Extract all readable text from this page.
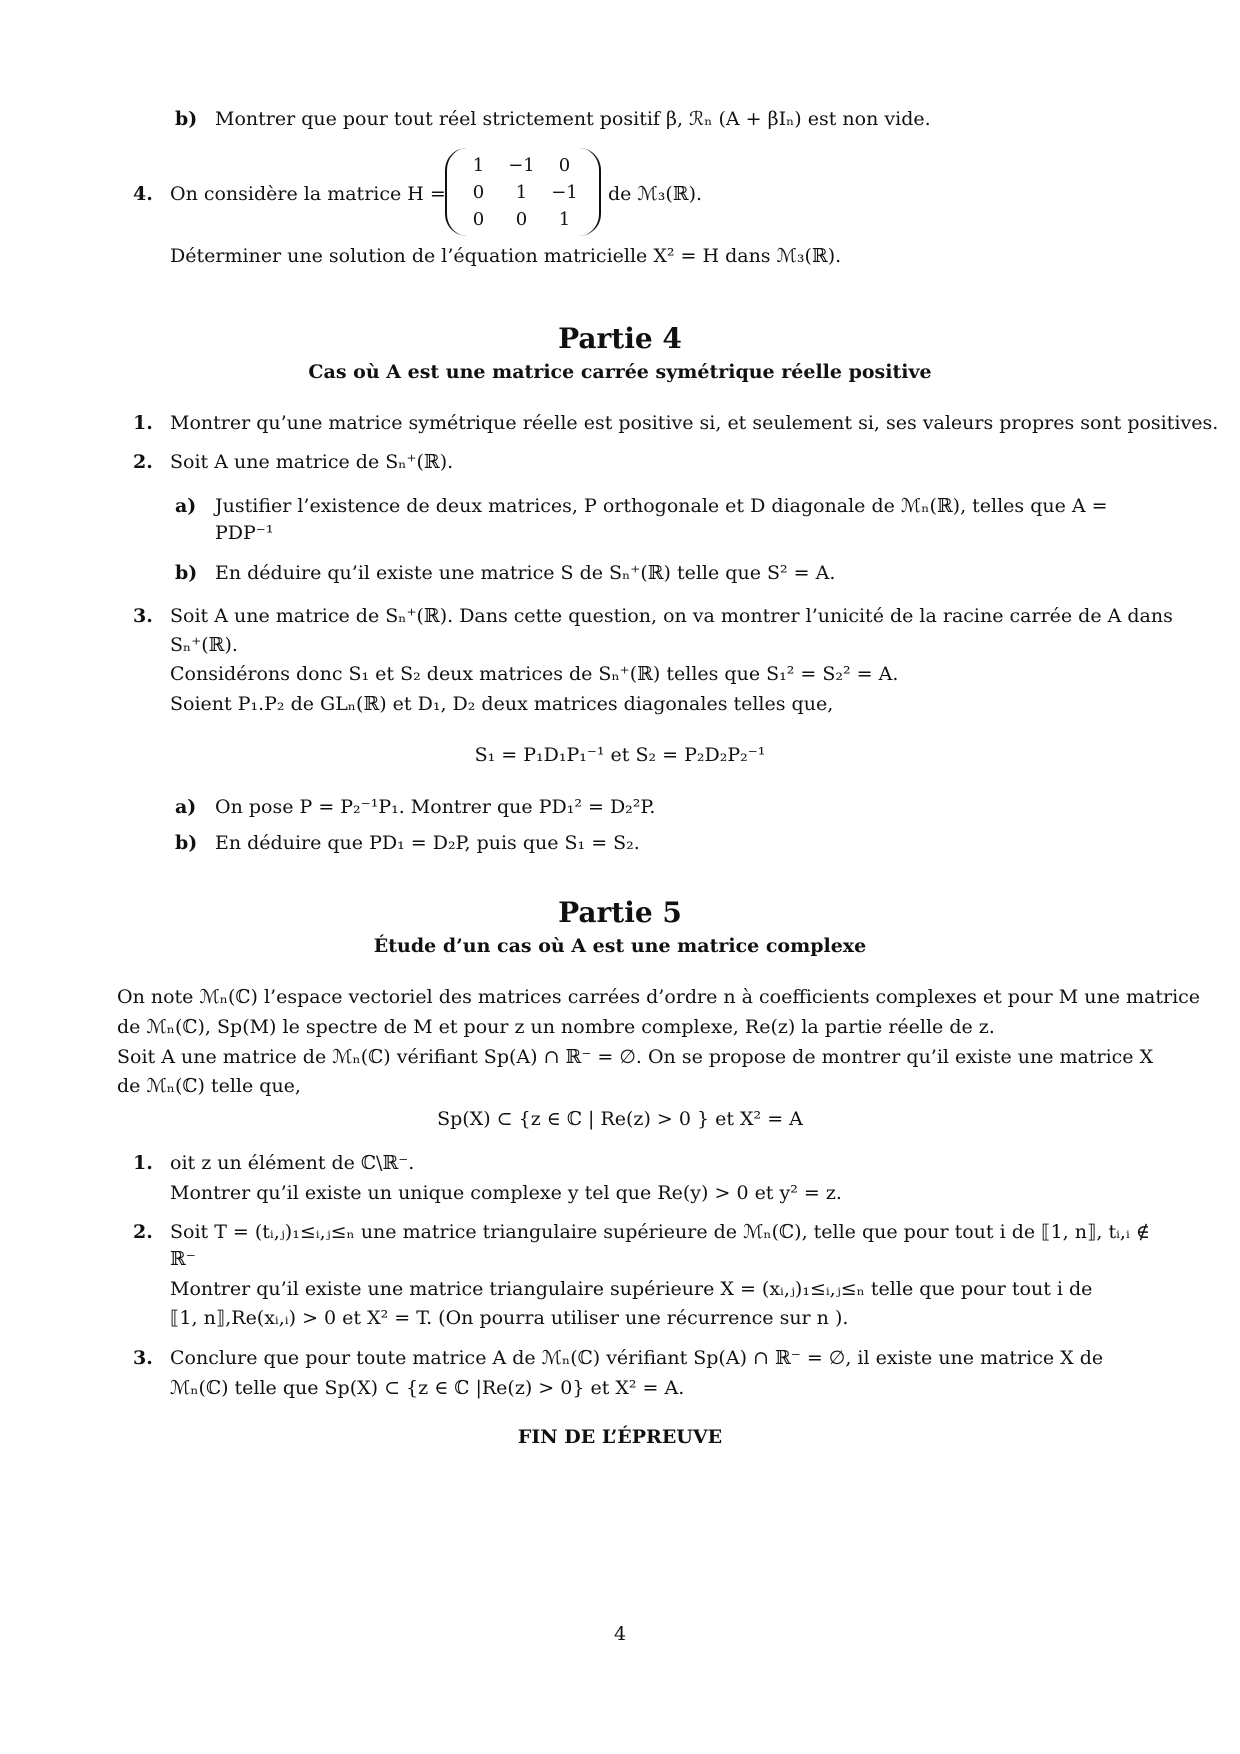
b) Montrer que pour tout réel strictement positif β, ℛₙ (A + βIₙ) est non vide.
4. On considère la matrice H =
1	−1	0
0	1	−1
0	0	1
de ℳ₃(ℝ).
Déterminer une solution de l’équation matricielle X² = H dans ℳ₃(ℝ).
Partie 4
Cas où A est une matrice carrée symétrique réelle positive
1. Montrer qu’une matrice symétrique réelle est positive si, et seulement si, ses valeurs propres sont positives.
2. Soit A une matrice de Sₙ⁺(ℝ).
a) Justifier l’existence de deux matrices, P orthogonale et D diagonale de ℳₙ(ℝ), telles que A =
PDP⁻¹
b) En déduire qu’il existe une matrice S de Sₙ⁺(ℝ) telle que S² = A.
3. Soit A une matrice de Sₙ⁺(ℝ). Dans cette question, on va montrer l’unicité de la racine carrée de A dans
Sₙ⁺(ℝ).
Considérons donc S₁ et S₂ deux matrices de Sₙ⁺(ℝ) telles que S₁² = S₂² = A.
Soient P₁.P₂ de GLₙ(ℝ) et D₁, D₂ deux matrices diagonales telles que,
S₁ = P₁D₁P₁⁻¹ et S₂ = P₂D₂P₂⁻¹
a) On pose P = P₂⁻¹P₁. Montrer que PD₁² = D₂²P.
b) En déduire que PD₁ = D₂P, puis que S₁ = S₂.
Partie 5
Étude d’un cas où A est une matrice complexe
On note ℳₙ(ℂ) l’espace vectoriel des matrices carrées d’ordre n à coefficients complexes et pour M une matrice
de ℳₙ(ℂ), Sp(M) le spectre de M et pour z un nombre complexe, Re(z) la partie réelle de z.
Soit A une matrice de ℳₙ(ℂ) vérifiant Sp(A) ∩ ℝ⁻ = ∅. On se propose de montrer qu’il existe une matrice X
de ℳₙ(ℂ) telle que,
Sp(X) ⊂ {z ∈ ℂ | Re(z) > 0 } et X² = A
1. oit z un élément de ℂ\ℝ⁻.
Montrer qu’il existe un unique complexe y tel que Re(y) > 0 et y² = z.
2. Soit T = (tᵢ,ⱼ)₁≤ᵢ,ⱼ≤ₙ une matrice triangulaire supérieure de ℳₙ(ℂ), telle que pour tout i de ⟦1, n⟧, tᵢ,ᵢ ∉
ℝ⁻
Montrer qu’il existe une matrice triangulaire supérieure X = (xᵢ,ⱼ)₁≤ᵢ,ⱼ≤ₙ telle que pour tout i de
⟦1, n⟧,Re(xᵢ,ᵢ) > 0 et X² = T. (On pourra utiliser une récurrence sur n ).
3. Conclure que pour toute matrice A de ℳₙ(ℂ) vérifiant Sp(A) ∩ ℝ⁻ = ∅, il existe une matrice X de
ℳₙ(ℂ) telle que Sp(X) ⊂ {z ∈ ℂ |Re(z) > 0} et X² = A.
FIN DE L’ÉPREUVE
4
